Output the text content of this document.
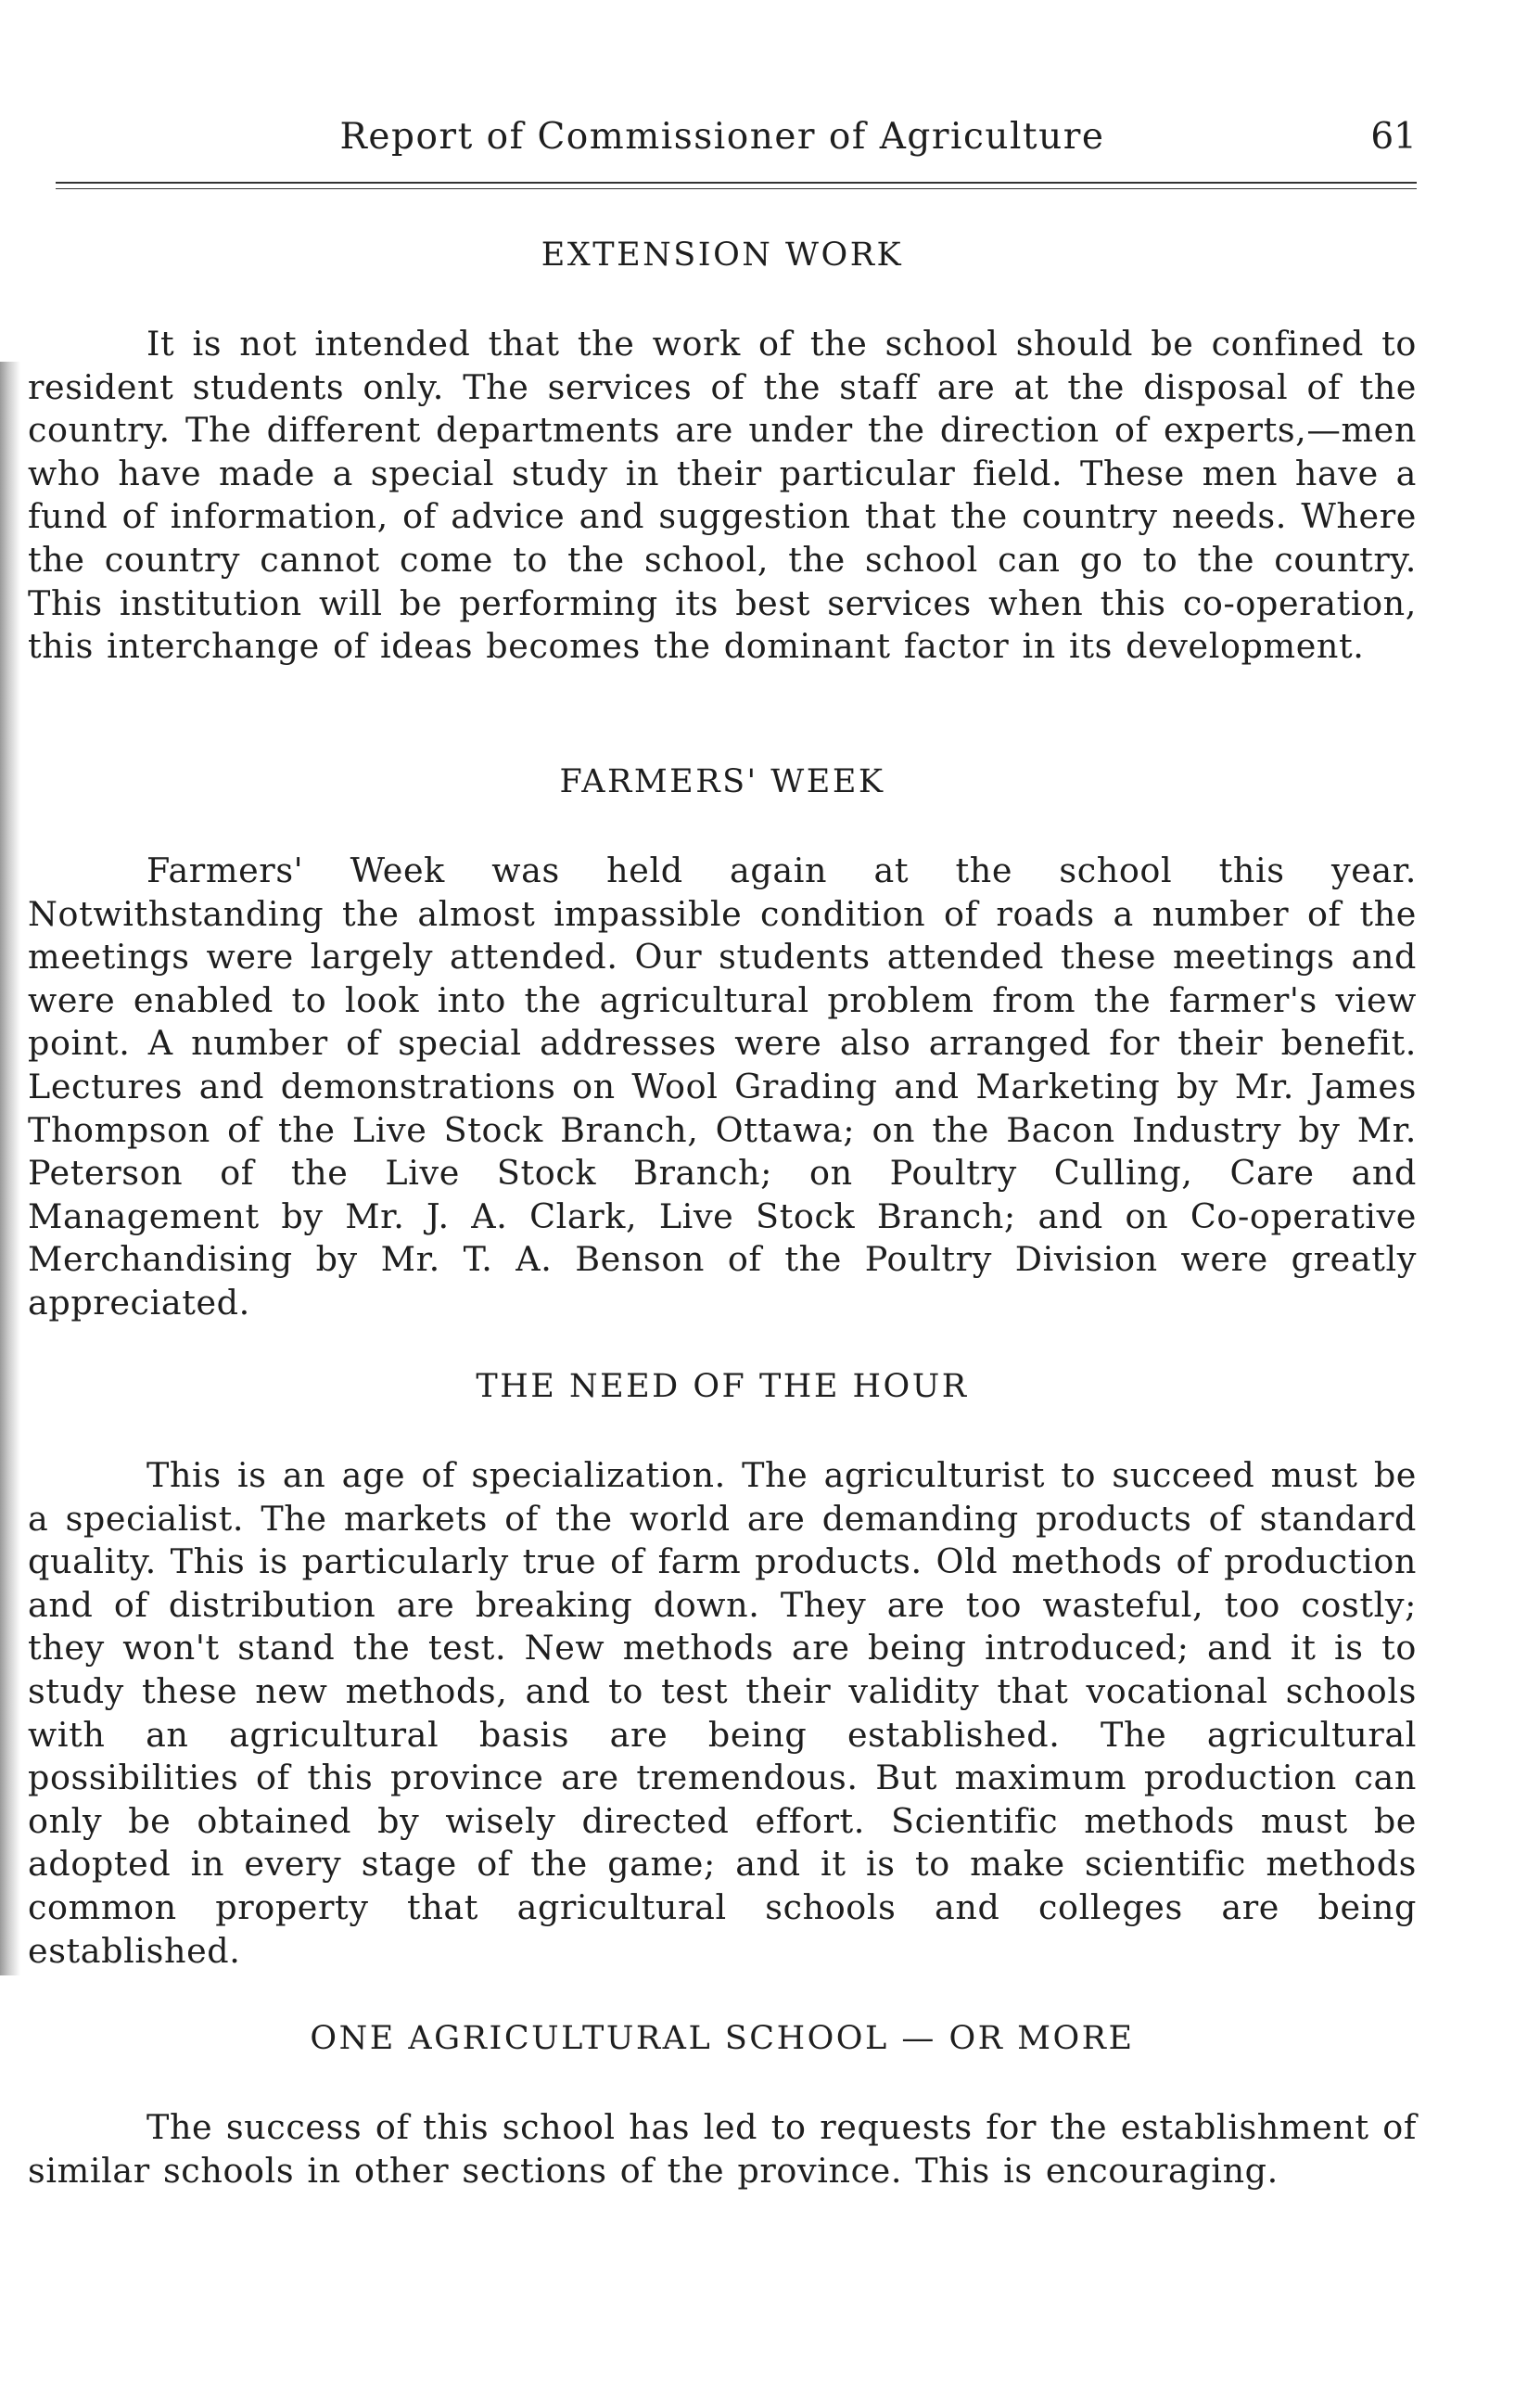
Report of Commissioner of Agriculture	61
EXTENSION WORK

It is not intended that the work of the school should be confined to resident students only. The services of the staff are at the disposal of the country. The different departments are under the direction of experts,—men who have made a special study in their particular field. These men have a fund of information, of advice and suggestion that the country needs. Where the country cannot come to the school, the school can go to the country. This institution will be performing its best services when this co-operation, this interchange of ideas becomes the dominant factor in its development.

FARMERS' WEEK

Farmers' Week was held again at the school this year. Notwithstanding the almost impassible condition of roads a number of the meetings were largely attended. Our students attended these meetings and were enabled to look into the agricultural problem from the farmer's view point. A number of special addresses were also arranged for their benefit. Lectures and demonstrations on Wool Grading and Marketing by Mr. James Thompson of the Live Stock Branch, Ottawa; on the Bacon Industry by Mr. Peterson of the Live Stock Branch; on Poultry Culling, Care and Management by Mr. J. A. Clark, Live Stock Branch; and on Co-operative Merchandising by Mr. T. A. Benson of the Poultry Division were greatly appreciated.

THE NEED OF THE HOUR

This is an age of specialization. The agriculturist to succeed must be a specialist. The markets of the world are demanding products of standard quality. This is particularly true of farm products. Old methods of production and of distribution are breaking down. They are too wasteful, too costly; they won't stand the test. New methods are being introduced; and it is to study these new methods, and to test their validity that vocational schools with an agricultural basis are being established. The agricultural possibilities of this province are tremendous. But maximum production can only be obtained by wisely directed effort. Scientific methods must be adopted in every stage of the game; and it is to make scientific methods common property that agricultural schools and colleges are being established.

ONE AGRICULTURAL SCHOOL — OR MORE

The success of this school has led to requests for the establishment of similar schools in other sections of the province. This is encouraging.
